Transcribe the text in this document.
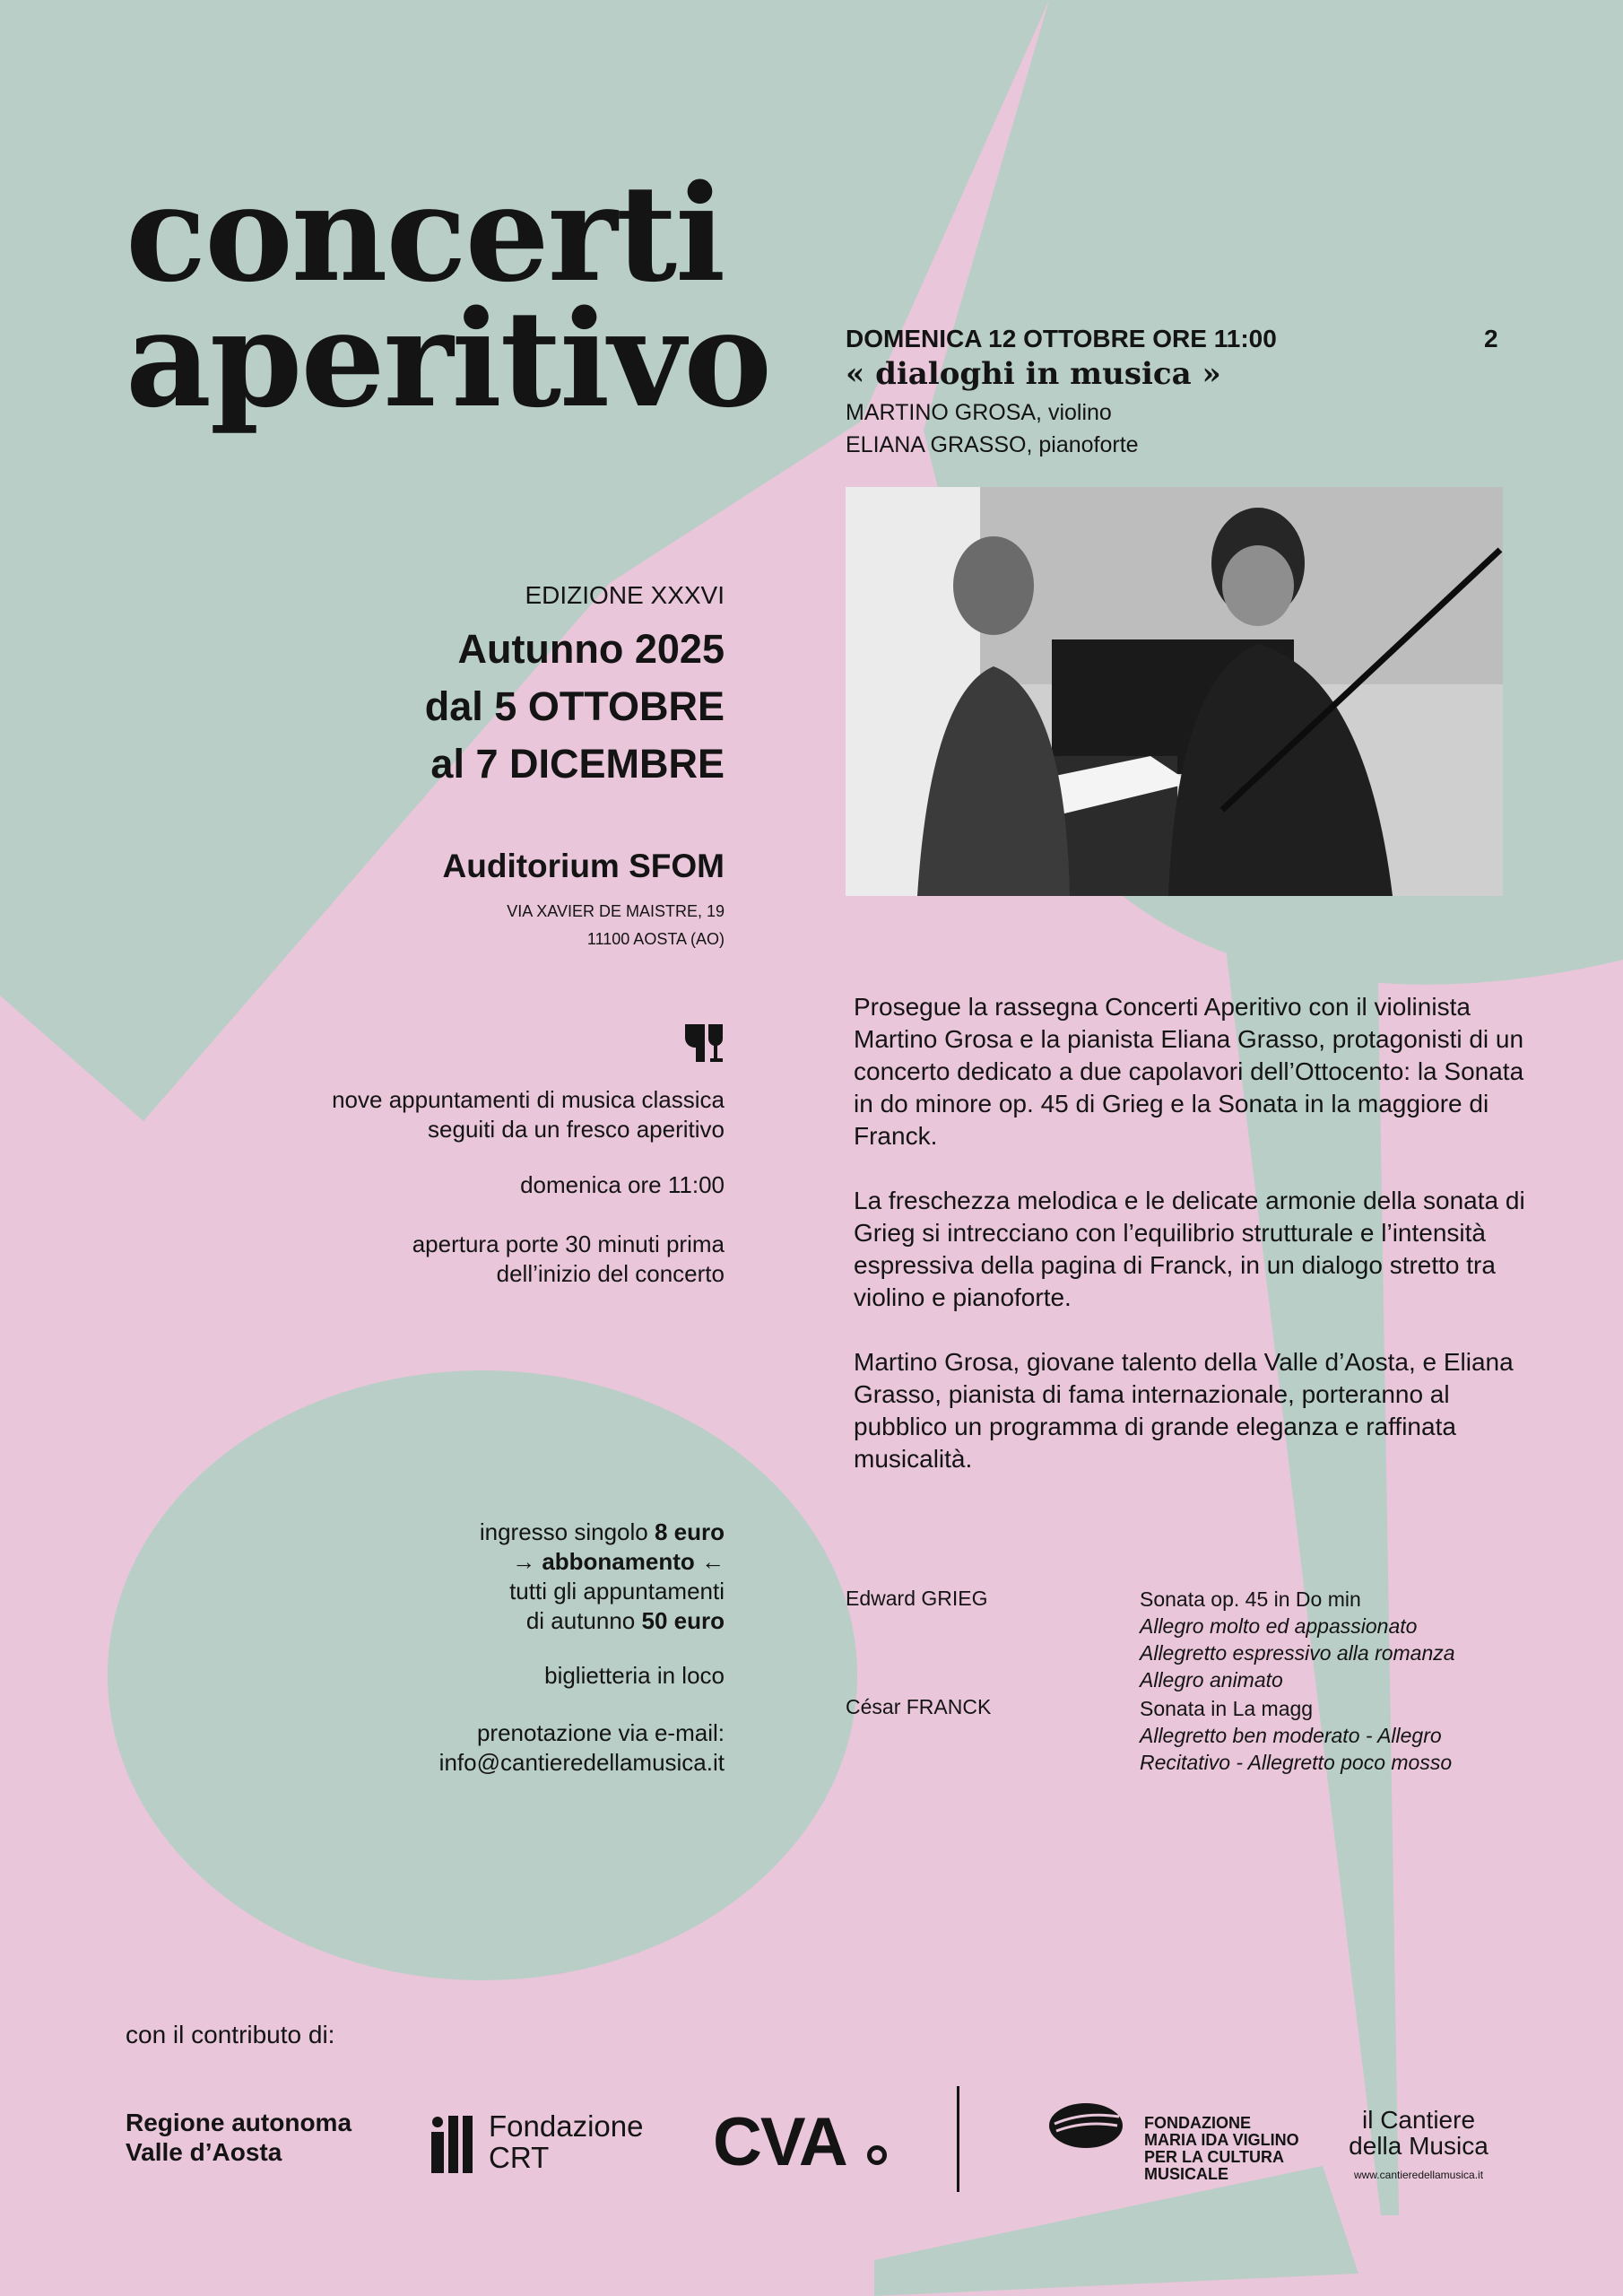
concerti
aperitivo
EDIZIONE XXXVI
Autunno 2025
dal 5 OTTOBRE
al 7 DICEMBRE
Auditorium SFOM
VIA XAVIER DE MAISTRE, 19
11100 AOSTA (AO)
nove appuntamenti di musica classica
seguiti da un fresco aperitivo
domenica ore 11:00
apertura porte 30 minuti prima
dell’inizio del concerto
ingresso singolo 8 euro
→ abbonamento ←
tutti gli appuntamenti
di autunno 50 euro
biglietteria in loco
prenotazione via e-mail:
info@cantieredellamusica.it
DOMENICA 12 OTTOBRE ORE 11:00	2
« dialoghi in musica »
MARTINO GROSA, violino
ELIANA GRASSO, pianoforte

Prosegue la rassegna Concerti Aperitivo con il violinista Martino Grosa e la pianista Eliana Grasso, protagonisti di un concerto dedicato a due capolavori dell’Ottocento: la Sonata in do minore op. 45 di Grieg e la Sonata in la maggiore di Franck.

La freschezza melodica e le delicate armonie della sonata di Grieg si intrecciano con l’equilibrio strutturale e l’intensità espressiva della pagina di Franck, in un dialogo stretto tra violino e pianoforte.

Martino Grosa, giovane talento della Valle d’Aosta, e Eliana Grasso, pianista di fama internazionale, porteranno al pubblico un programma di grande eleganza e raffinata musicalità.

Edward GRIEG	Sonata op. 45 in Do min
Allegro molto ed appassionato
Allegretto espressivo alla romanza
Allegro animato
César FRANCK	Sonata in La magg
Allegretto ben moderato - Allegro
Recitativo - Allegretto poco mosso
con il contributo di:
Regione autonoma
Valle d’Aosta
Fondazione
CRT	CVA	FONDAZIONE
MARIA IDA VIGLINO
PER LA CULTURA
MUSICALE
il Cantiere
della Musica
www.cantieredellamusica.it
